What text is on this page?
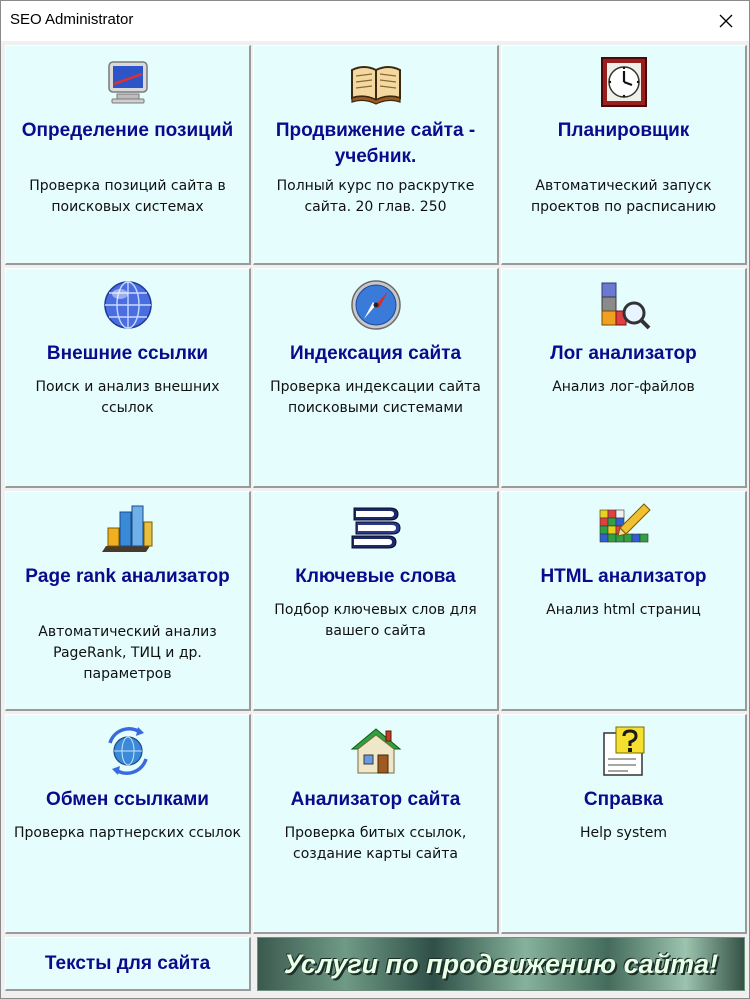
SEO Administrator
Определение позиций
Проверка позиций сайта в поисковых системах
Продвижение сайта - учебник.
Полный курс по раскрутке сайта. 20 глав. 250
Планировщик
Автоматический запуск проектов по расписанию
Внешние ссылки
Поиск и анализ внешних ссылок
Индексация сайта
Проверка индексации сайта поисковыми системами
Лог анализатор
Анализ лог-файлов
Page rank анализатор
Автоматический анализ PageRank, ТИЦ и др. параметров
Ключевые слова
Подбор ключевых слов для вашего сайта
HTML анализатор
Анализ html страниц
Обмен ссылками
Проверка партнерских ссылок
Анализатор сайта
Проверка битых ссылок, создание карты сайта
Справка
Help system
Тексты для сайта	Услуги по продвижению сайта!
